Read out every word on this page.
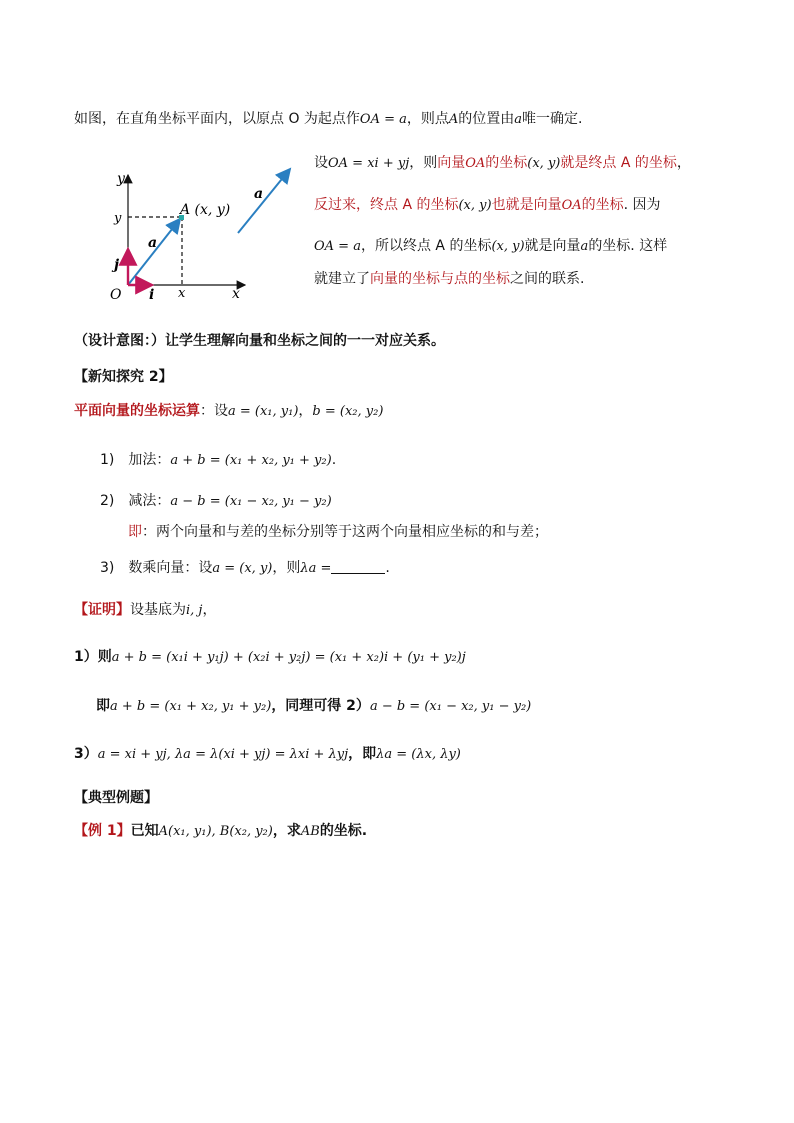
如图，在直角坐标平面内，以原点 O 为起点作OA = a，则点A的位置由a唯一确定.
y
x
O
y
x
A (x, y)
a
i
j
a
设OA = xi + yj，则向量OA的坐标(x, y)就是终点 A 的坐标，
反过来，终点 A 的坐标(x, y)也就是向量OA的坐标. 因为
OA = a，所以终点 A 的坐标(x, y)就是向量a的坐标. 这样
就建立了向量的坐标与点的坐标之间的联系.
（设计意图：）让学生理解向量和坐标之间的一一对应关系。
【新知探究 2】
平面向量的坐标运算：设a = (x₁, y₁)，b = (x₂, y₂)
1) 加法：a + b = (x₁ + x₂, y₁ + y₂).
2) 减法：a − b = (x₁ − x₂, y₁ − y₂)
即：两个向量和与差的坐标分别等于这两个向量相应坐标的和与差；
3) 数乘向量：设a = (x, y)，则λa =	.
【证明】设基底为i, j，
1）则a + b = (x₁i + y₁j) + (x₂i + y₂j) = (x₁ + x₂)i + (y₁ + y₂)j
即a + b = (x₁ + x₂, y₁ + y₂)，同理可得 2）a − b = (x₁ − x₂, y₁ − y₂)
3）a = xi + yj, λa = λ(xi + yj) = λxi + λyj，即λa = (λx, λy)
【典型例题】
【例 1】已知A(x₁, y₁), B(x₂, y₂)，求AB的坐标.
